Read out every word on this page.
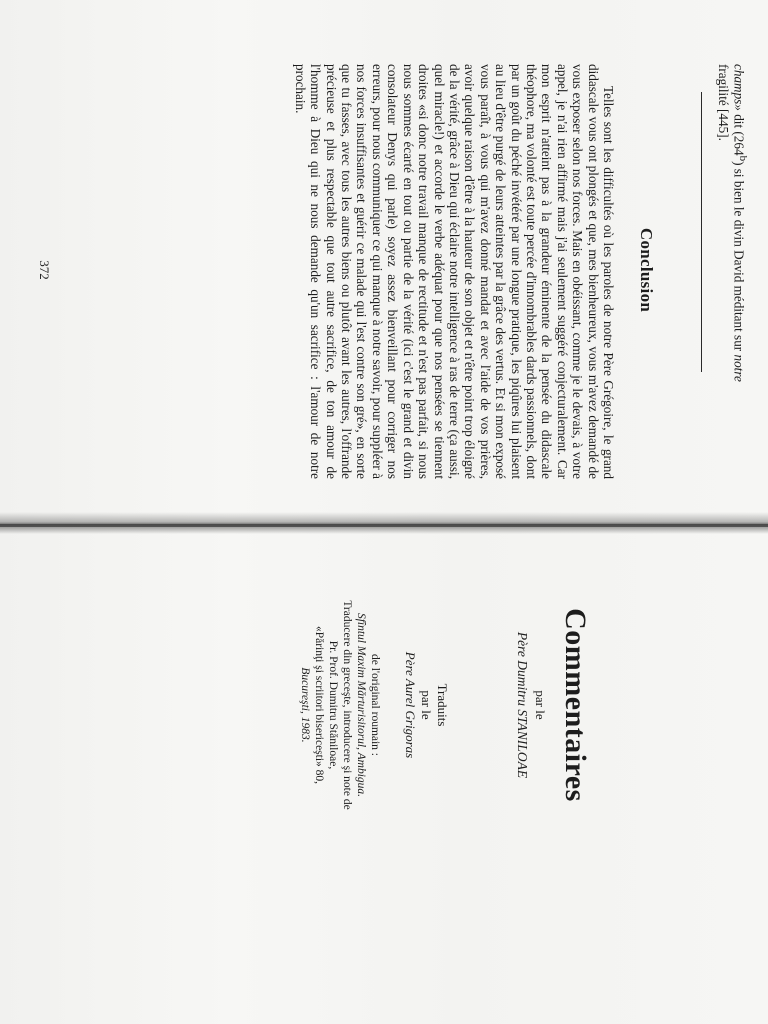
champs» dit (264$^b$) si bien le divin David méditant sur notre

fragilité [445].

Conclusion

Telles sont les difficultés où les paroles de notre Père Grégoire, le grand didascale vous ont plongés et que, mes bienheureux, vous m'avez demandé de vous exposer selon nos forces. Mais en obéissant, comme je le devais, à votre appel, je n'ai rien affirmé mais j'ai seulement suggéré conjecturalement. Car mon esprit n'atteint pas à la grandeur éminente de la pensée du didascale théophore, ma volonté est toute percée d'innombrables dards passionnels, dont par un goût du péché invétéré par une longue pratique, les piqûres lui plaisent au lieu d'être purgé de leurs atteintes par la grâce des vertus. Et si mon exposé vous paraît, à vous qui m'avez donné mandat et avec l'aide de vos prières, avoir quelque raison d'être à la hauteur de son objet et n'être point trop éloigné de la vérité, grâce à Dieu qui éclaire notre intelligence à ras de terre (ça aussi, quel miracle!) et accorde le verbe adéquat pour que nos pensées se tiennent droites «si donc notre travail manque de rectitude et n'est pas parfait, si nous nous sommes écarté en tout ou partie de la vérité (ici c'est le grand et divin consolateur Denys qui parle) soyez assez bienveillant pour corriger nos erreurs, pour nous communiquer ce qui manque à notre savoir, pour suppléer à nos forces insuffisantes et guérir ce malade qui l'est contre son gré», en sorte que tu fasses, avec tous les autres biens ou plutôt avant les autres, l'offrande précieuse et plus respectable que tout autre sacrifice, de ton amour de l'homme à Dieu qui ne nous demande qu'un sacrifice : l'amour de notre prochain.

372
Commentaires
par le
Père Dumitru STANILOAE
Traduits
par le
Père Aurel Grigoras
de l'original roumain :
Sfîntul Maxim Mărturisitorul, Ambigua.
Traducere din greceşte, introducere şi note de
Pr. Prof. Dumitru Stăniloae,
«Părinţi şi scriitori bisericeşti» 80,
Bucureşti, 1983.
